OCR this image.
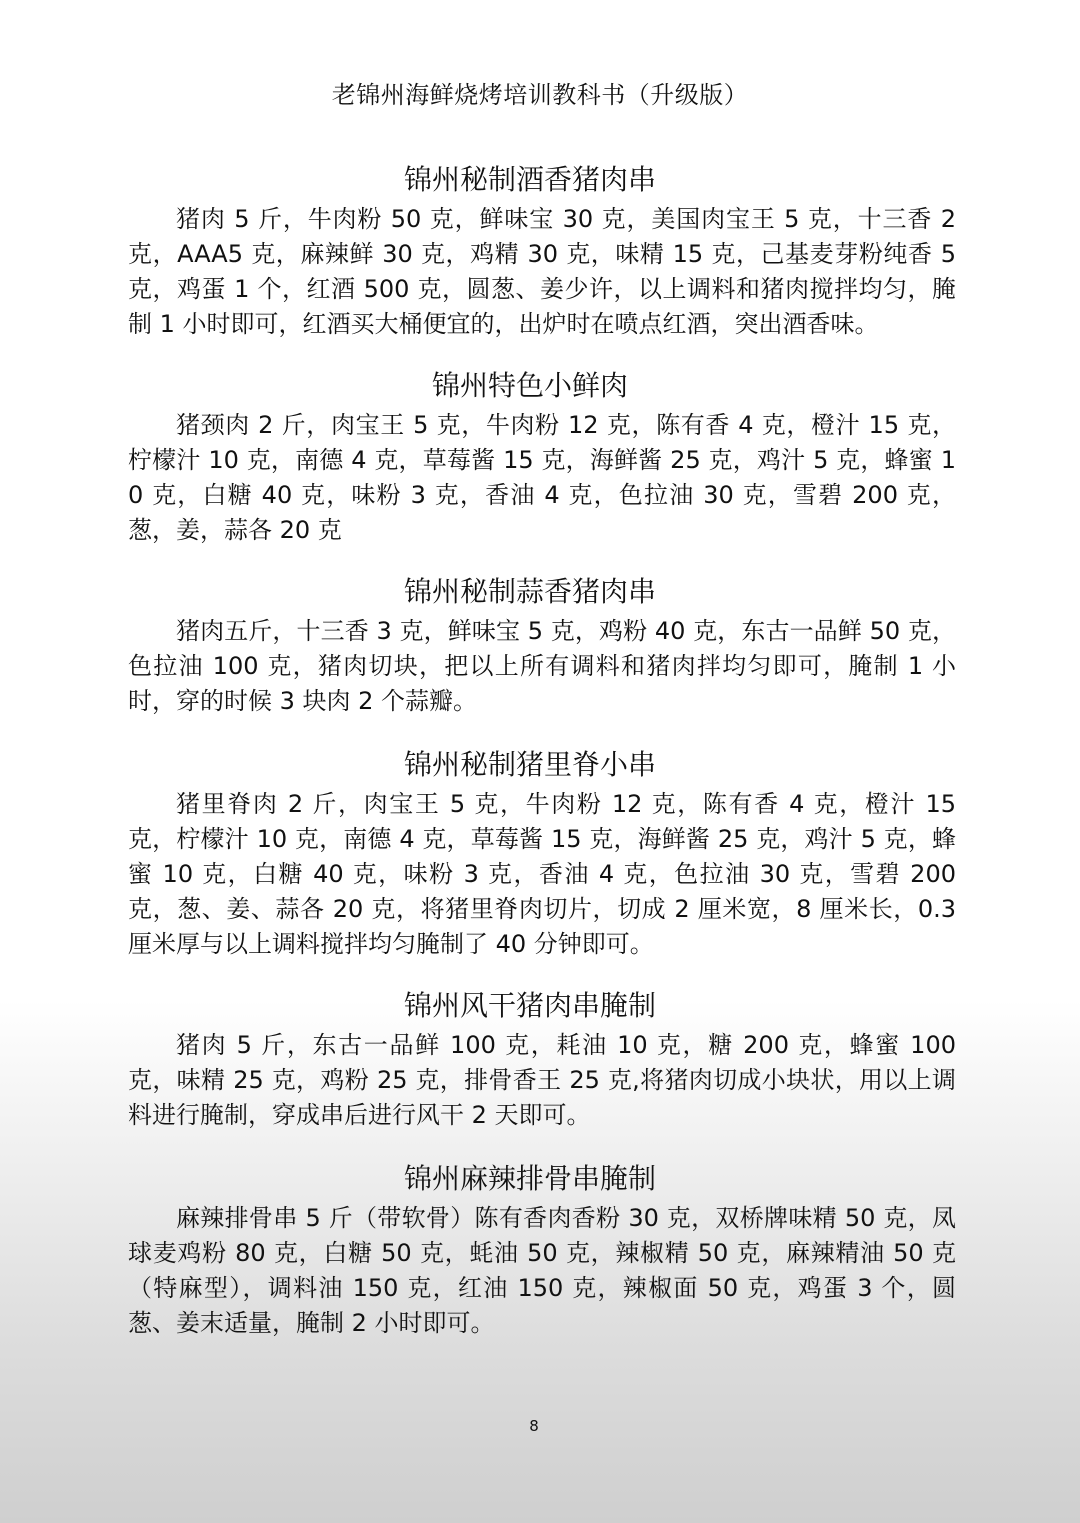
老锦州海鲜烧烤培训教科书（升级版）
锦州秘制酒香猪肉串

猪肉 5 斤，牛肉粉 50 克，鲜味宝 30 克，美国肉宝王 5 克，十三香 2 克，AAA5 克，麻辣鲜 30 克，鸡精 30 克，味精 15 克，己基麦芽粉纯香 5 克，鸡蛋 1 个，红酒 500 克，圆葱、姜少许，以上调料和猪肉搅拌均匀，腌制 1 小时即可，红酒买大桶便宜的，出炉时在喷点红酒，突出酒香味。

锦州特色小鲜肉

猪颈肉 2 斤，肉宝王 5 克，牛肉粉 12 克，陈有香 4 克，橙汁 15 克，柠檬汁 10 克，南德 4 克，草莓酱 15 克，海鲜酱 25 克，鸡汁 5 克，蜂蜜 10 克，白糖 40 克，味粉 3 克，香油 4 克，色拉油 30 克，雪碧 200 克，葱，姜，蒜各 20 克

锦州秘制蒜香猪肉串

猪肉五斤，十三香 3 克，鲜味宝 5 克，鸡粉 40 克，东古一品鲜 50 克，色拉油 100 克，猪肉切块，把以上所有调料和猪肉拌均匀即可，腌制 1 小时，穿的时候 3 块肉 2 个蒜瓣。

锦州秘制猪里脊小串

猪里脊肉 2 斤，肉宝王 5 克，牛肉粉 12 克，陈有香 4 克，橙汁 15 克，柠檬汁 10 克，南德 4 克，草莓酱 15 克，海鲜酱 25 克，鸡汁 5 克，蜂蜜 10 克，白糖 40 克，味粉 3 克，香油 4 克，色拉油 30 克，雪碧 200 克，葱、姜、蒜各 20 克，将猪里脊肉切片，切成 2 厘米宽，8 厘米长，0.3 厘米厚与以上调料搅拌均匀腌制了 40 分钟即可。

锦州风干猪肉串腌制

猪肉 5 斤，东古一品鲜 100 克，耗油 10 克，糖 200 克，蜂蜜 100 克，味精 25 克，鸡粉 25 克，排骨香王 25 克,将猪肉切成小块状，用以上调料进行腌制，穿成串后进行风干 2 天即可。

锦州麻辣排骨串腌制

麻辣排骨串 5 斤（带软骨）陈有香肉香粉 30 克，双桥牌味精 50 克，凤球麦鸡粉 80 克，白糖 50 克，蚝油 50 克，辣椒精 50 克，麻辣精油 50 克（特麻型），调料油 150 克，红油 150 克，辣椒面 50 克，鸡蛋 3 个，圆葱、姜末适量，腌制 2 小时即可。

8
